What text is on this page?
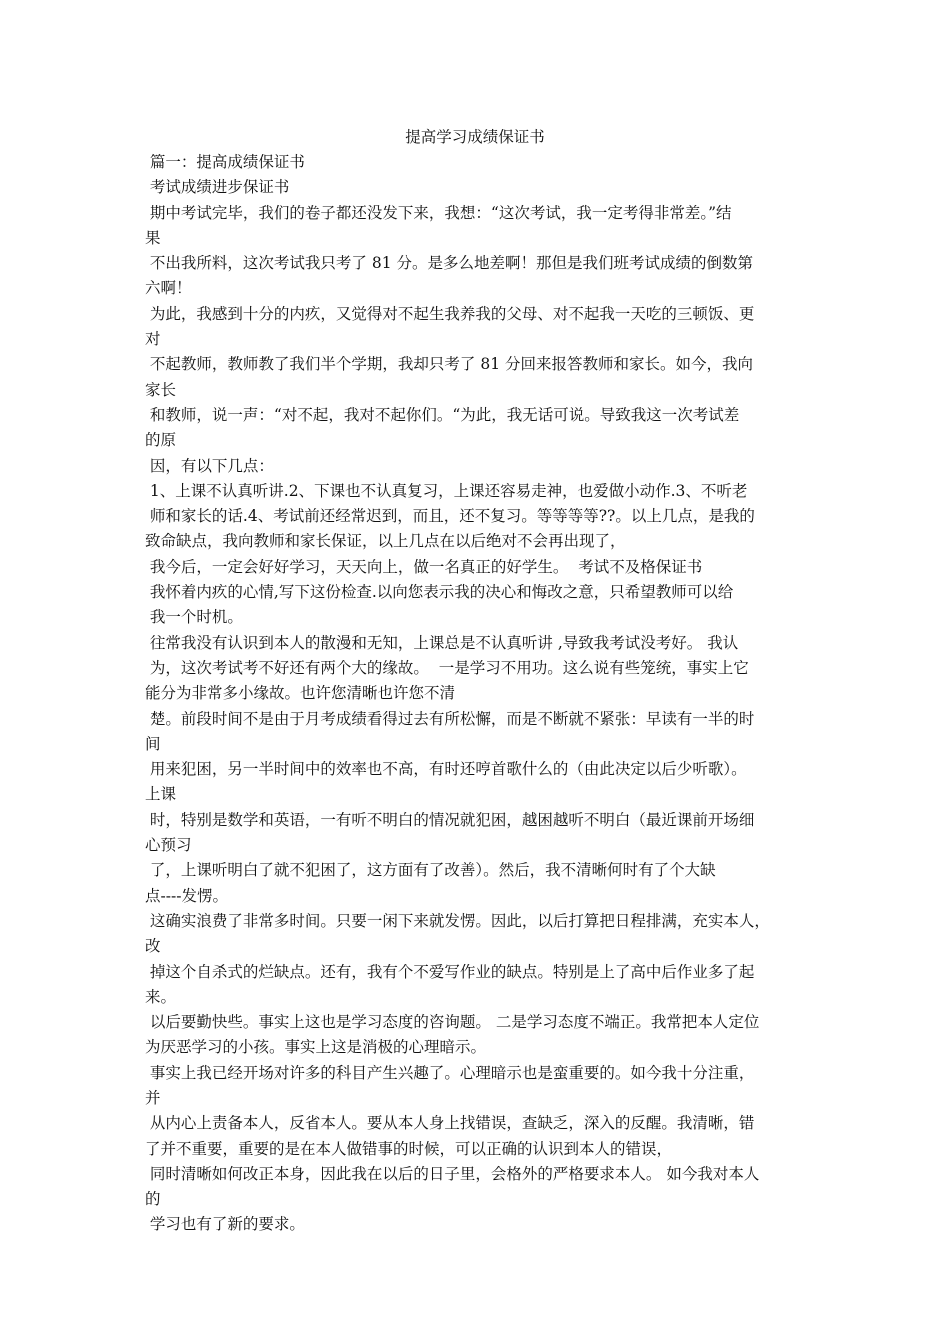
提高学习成绩保证书
篇一：提高成绩保证书
考试成绩进步保证书
期中考试完毕，我们的卷子都还没发下来，我想：“这次考试，我一定考得非常差。”结
果
不出我所料，这次考试我只考了 81 分。是多么地差啊！那但是我们班考试成绩的倒数第
六啊！
为此，我感到十分的内疚，又觉得对不起生我养我的父母、对不起我一天吃的三顿饭、更
对
不起教师，教师教了我们半个学期，我却只考了 81 分回来报答教师和家长。如今，我向
家长
和教师，说一声：“对不起，我对不起你们。“为此，我无话可说。导致我这一次考试差
的原
因，有以下几点：
1、上课不认真听讲.2、下课也不认真复习，上课还容易走神，也爱做小动作.3、不听老
师和家长的话.4、考试前还经常迟到，而且，还不复习。等等等等??。以上几点，是我的
致命缺点，我向教师和家长保证，以上几点在以后绝对不会再出现了，
我今后，一定会好好学习，天天向上，做一名真正的好学生。  考试不及格保证书
我怀着内疚的心情,写下这份检查.以向您表示我的决心和悔改之意，只希望教师可以给
我一个时机。
往常我没有认识到本人的散漫和无知，上课总是不认真听讲 ,导致我考试没考好。 我认
为，这次考试考不好还有两个大的缘故。  一是学习不用功。这么说有些笼统，事实上它
能分为非常多小缘故。也许您清晰也许您不清
楚。前段时间不是由于月考成绩看得过去有所松懈，而是不断就不紧张：早读有一半的时
间
用来犯困，另一半时间中的效率也不高，有时还哼首歌什么的（由此决定以后少听歌）。
上课
时，特别是数学和英语，一有听不明白的情况就犯困，越困越听不明白（最近课前开场细
心预习
了，上课听明白了就不犯困了，这方面有了改善）。然后，我不清晰何时有了个大缺
点----发愣。
这确实浪费了非常多时间。只要一闲下来就发愣。因此，以后打算把日程排满，充实本人，
改
掉这个自杀式的烂缺点。还有，我有个不爱写作业的缺点。特别是上了高中后作业多了起
来。
以后要勤快些。事实上这也是学习态度的咨询题。 二是学习态度不端正。我常把本人定位
为厌恶学习的小孩。事实上这是消极的心理暗示。
事实上我已经开场对许多的科目产生兴趣了。心理暗示也是蛮重要的。如今我十分注重，
并
从内心上责备本人，反省本人。要从本人身上找错误，查缺乏，深入的反醒。我清晰，错
了并不重要，重要的是在本人做错事的时候，可以正确的认识到本人的错误，
同时清晰如何改正本身，因此我在以后的日子里，会格外的严格要求本人。 如今我对本人
的
学习也有了新的要求。
